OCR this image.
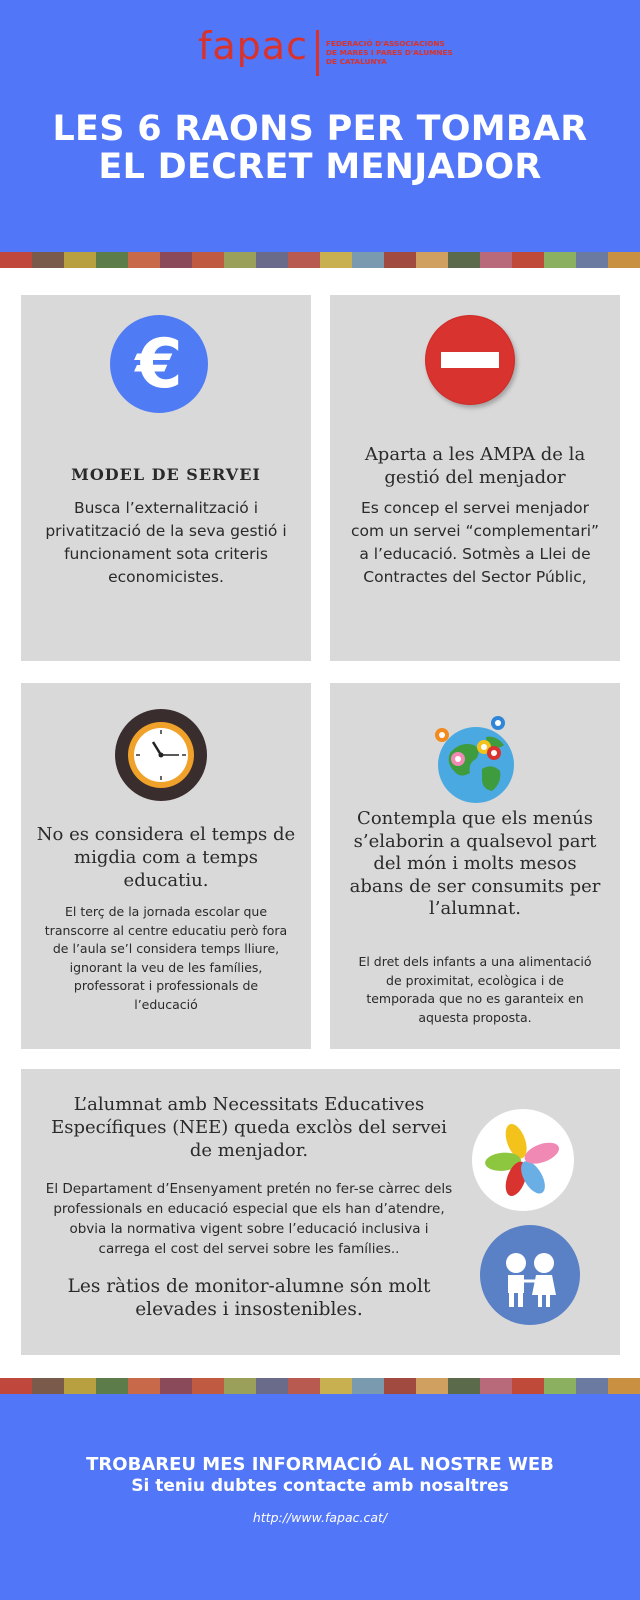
fapac FEDERACIÓ D'ASSOCIACIONS
DE MARES I PARES D'ALUMNES
DE CATALUNYA
LES 6 RAONS PER TOMBAR
EL DECRET MENJADOR
€

MODEL DE SERVEI

Busca l’externalització i privatització de la seva gestió i funcionament sota criteris economicistes.

Aparta a les AMPA de la gestió del menjador

Es concep el servei menjador com un servei “complementari” a l’educació. Sotmès a Llei de Contractes del Sector Públic,

No es considera el temps de migdia com a temps educatiu.

El terç de la jornada escolar que transcorre al centre educatiu però fora de l’aula se’l considera temps lliure, ignorant la veu de les famílies, professorat i professionals de l’educació

Contempla que els menús s’elaborin a qualsevol part del món i molts mesos abans de ser consumits per l’alumnat.

El dret dels infants a una alimentació de proximitat, ecològica i de temporada que no es garanteix en aquesta proposta.

L’alumnat amb Necessitats Educatives Específiques (NEE) queda exclòs del servei de menjador.

El Departament d’Ensenyament pretén no fer-se càrrec dels professionals en educació especial que els han d’atendre, obvia la normativa vigent sobre l’educació inclusiva i carrega el cost del servei sobre les famílies..

Les ràtios de monitor-alumne són molt elevades i insostenibles.

TROBAREU MES INFORMACIÓ AL NOSTRE WEB

Si teniu dubtes contacte amb nosaltres

http://www.fapac.cat/
